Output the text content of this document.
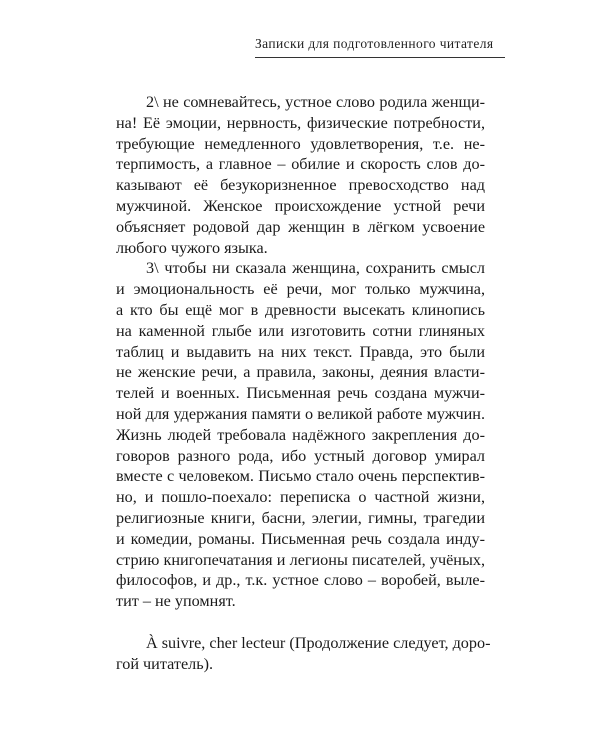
Записки для подготовленного читателя
2\ не сомневайтесь, устное слово родила женщи-
на! Её эмоции, нервность, физические потребности,
требующие немедленного удовлетворения, т.е. не-
терпимость, а главное – обилие и скорость слов до-
казывают её безукоризненное превосходство над
мужчиной. Женское происхождение устной речи
объясняет родовой дар женщин в лёгком усвоение
любого чужого языка.
3\ чтобы ни сказала женщина, сохранить смысл
и эмоциональность её речи, мог только мужчина,
а кто бы ещё мог в древности высекать клинопись
на каменной глыбе или изготовить сотни глиняных
таблиц и выдавить на них текст. Правда, это были
не женские речи, а правила, законы, деяния власти-
телей и военных. Письменная речь создана мужчи-
ной для удержания памяти о великой работе мужчин.
Жизнь людей требовала надёжного закрепления до-
говоров разного рода, ибо устный договор умирал
вместе с человеком. Письмо стало очень перспектив-
но, и пошло-поехало: переписка о частной жизни,
религиозные книги, басни, элегии, гимны, трагедии
и комедии, романы. Письменная речь создала инду-
стрию книгопечатания и легионы писателей, учёных,
философов, и др., т.к. устное слово – воробей, вылe-
тит – не упомнят.
À suivre, cher lecteur (Продолжение следует, доро-
гой читатель).
